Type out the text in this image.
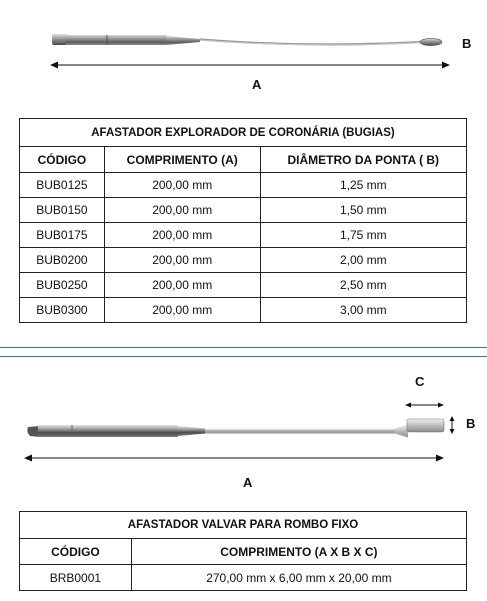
B
A
AFASTADOR EXPLORADOR DE CORONÁRIA (BUGIAS)		
CÓDIGO	COMPRIMENTO (A)	DIÂMETRO DA PONTA ( B)
BUB0125	200,00 mm	1,25 mm
BUB0150	200,00 mm	1,50 mm
BUB0175	200,00 mm	1,75 mm
BUB0200	200,00 mm	2,00 mm
BUB0250	200,00 mm	2,50 mm
BUB0300	200,00 mm	3,00 mm
C
B
A
AFASTADOR VALVAR PARA ROMBO FIXO	
CÓDIGO	COMPRIMENTO (A X B X C)
BRB0001	270,00 mm x 6,00 mm x 20,00 mm
